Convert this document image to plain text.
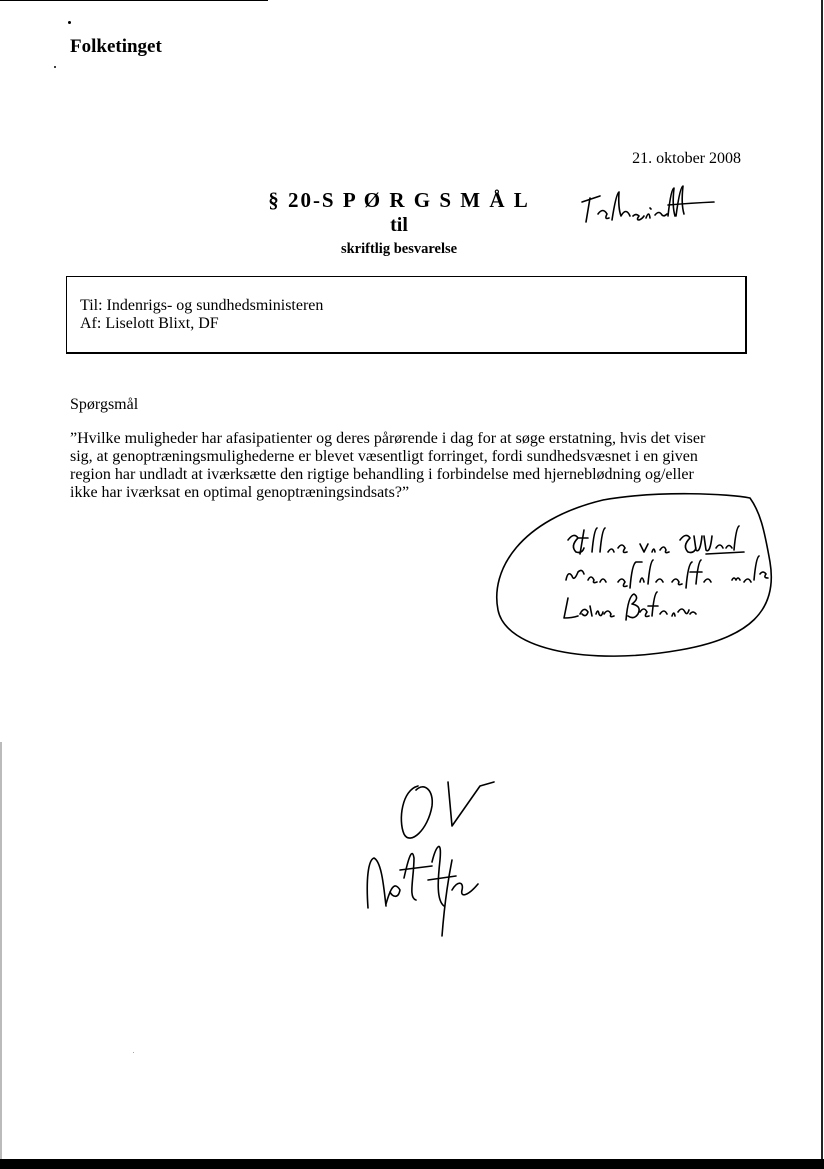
Folketinget
21. oktober 2008
§ 20-S P Ø R G S M Å L
til
skriftlig besvarelse
Til: Indenrigs- og sundhedsministeren
Af: Liselott Blixt, DF
Spørgsmål
”Hvilke muligheder har afasipatienter og deres pårørende i dag for at søge erstatning, hvis det viser
sig, at genoptræningsmulighederne er blevet væsentligt forringet, fordi sundhedsvæsnet i en given
region har undladt at iværksætte den rigtige behandling i forbindelse med hjerneblødning og/eller
ikke har iværksat en optimal genoptræningsindsats?”
